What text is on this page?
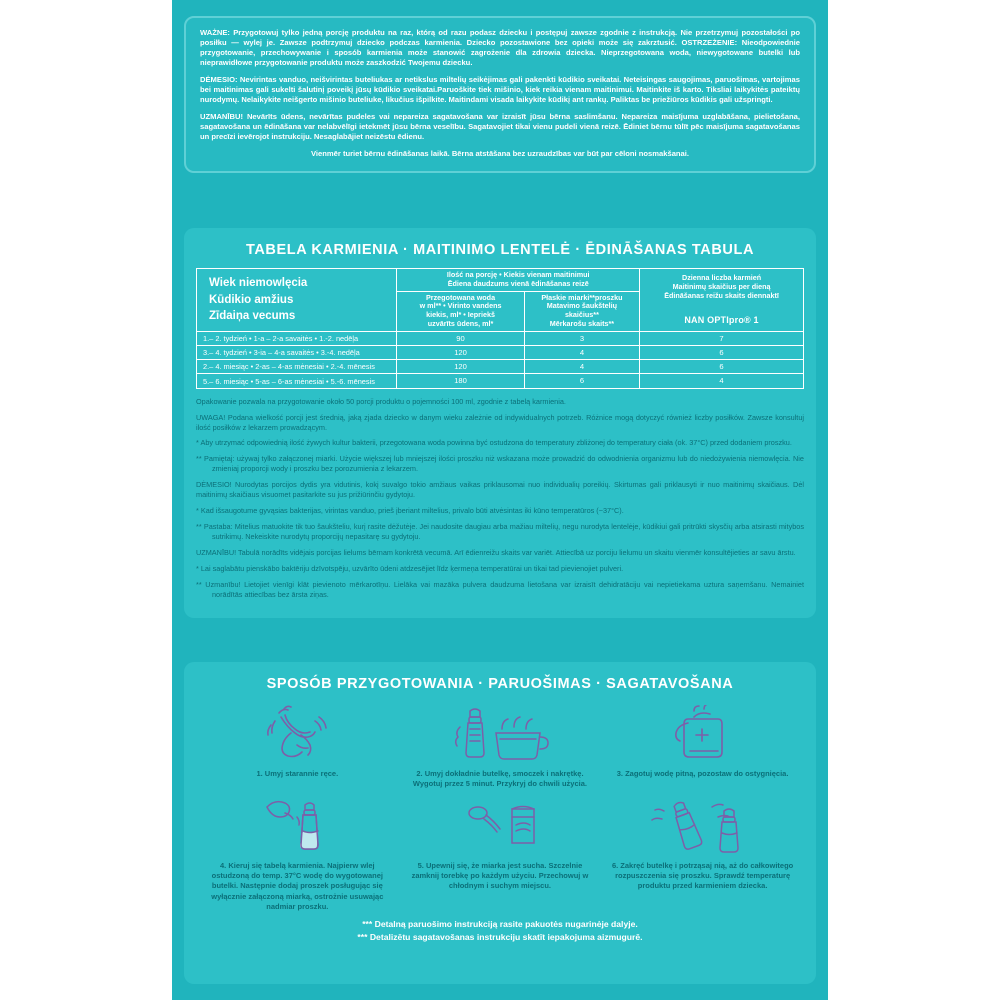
WAŻNE: Przygotowuj tylko jedną porcję produktu na raz, którą od razu podasz dziecku i postępuj zawsze zgodnie z instrukcją. Nie przetrzymuj pozostałości po posiłku — wylej je. Zawsze podtrzymuj dziecko podczas karmienia. Dziecko pozostawione bez opieki może się zakrztusić. OSTRZEŻENIE: Nieodpowiednie przygotowanie, przechowywanie i sposób karmienia może stanowić zagrożenie dla zdrowia dziecka. Nieprzegotowana woda, niewygotowane butelki lub nieprawidłowe przygotowanie produktu może zaszkodzić Twojemu dziecku.

DĖMESIO: Nevirintas vanduo, neišvirintas buteliukas ar netikslus miltelių seikėjimas gali pakenkti kūdikio sveikatai. Neteisingas saugojimas, paruošimas, vartojimas bei maitinimas gali sukelti šalutinį poveikį jūsų kūdikio sveikatai.Paruoškite tiek mišinio, kiek reikia vienam maitinimui. Maitinkite iš karto. Tiksliai laikykitės pateiktų nurodymų. Nelaikykite neišgerto mišinio buteliuke, likučius išpilkite. Maitindami visada laikykite kūdikį ant rankų. Paliktas be priežiūros kūdikis gali užspringti.

UZMANĪBU! Nevārīts ūdens, nevārītas pudeles vai nepareiza sagatavošana var izraisīt jūsu bērna saslimšanu. Nepareiza maisījuma uzglabāšana, pielietošana, sagatavošana un ēdināšana var nelabvēlīgi ietekmēt jūsu bērna veselību. Sagatavojiet tikai vienu pudeli vienā reizē. Ēdiniet bērnu tūlīt pēc maisījuma sagatavošanas un precīzi ievērojot instrukciju. Nesaglabājiet neizēstu ēdienu.

Vienmēr turiet bērnu ēdināšanas laikā. Bērna atstāšana bez uzraudzības var būt par cēloni nosmakšanai.

TABELA KARMIENIA · MAITINIMO LENTELĖ · ĒDINĀŠANAS TABULA
Wiek niemowlęcia
Kūdikio amžius
Zīdaiņa vecums

Ilość na porcję • Kiekis vienam maitinimui
Ēdiena daudzums vienā ēdināšanas reizē

Dzienna liczba karmień
Maitinimų skaičius per dieną
Ēdināšanas reižu skaits diennaktī
NAN OPTIpro® 1

Przegotowana woda
w ml** • Virinto vandens
kiekis, ml* • Iepriekš
uzvārīts ūdens, ml*

Płaskie miarki**proszku
Matavimo šaukštelių
skaičius**
Mērkarošu skaits**

1.– 2. tydzień • 1-a – 2-a savaitės • 1.-2. nedēļa	90	3	7
3.– 4. tydzień • 3-ia – 4-a savaitės • 3.-4. nedēļa	120	4	6
2.– 4. miesiąc • 2-as – 4-as mėnesiai • 2.-4. mēnesis	120	4	6
5.– 6. miesiąc • 5-as – 6-as mėnesiai • 5.-6. mēnesis	180	6	4

Opakowanie pozwala na przygotowanie około 50 porcji produktu o pojemności 100 ml, zgodnie z tabelą karmienia.

UWAGA! Podana wielkość porcji jest średnią, jaką zjada dziecko w danym wieku zależnie od indywidualnych potrzeb. Różnice mogą dotyczyć również liczby posiłków. Zawsze konsultuj ilość posiłków z lekarzem prowadzącym.

* Aby utrzymać odpowiednią ilość żywych kultur bakterii, przegotowana woda powinna być ostudzona do temperatury zbliżonej do temperatury ciała (ok. 37°C) przed dodaniem proszku.

** Pamiętaj: używaj tylko załączonej miarki. Użycie większej lub mniejszej ilości proszku niż wskazana może prowadzić do odwodnienia organizmu lub do niedożywienia niemowlęcia. Nie zmieniaj proporcji wody i proszku bez porozumienia z lekarzem.

DĖMESIO! Nurodytas porcijos dydis yra vidutinis, kokį suvalgo tokio amžiaus vaikas priklausomai nuo individualių poreikių. Skirtumas gali priklausyti ir nuo maitinimų skaičiaus. Dėl maitinimų skaičiaus visuomet pasitarkite su jus prižiūrinčiu gydytoju.

* Kad išsaugotume gyvąsias bakterijas, virintas vanduo, prieš įberiant miltelius, privalo būti atvėsintas iki kūno temperatūros (~37°C).

** Pastaba: Mitelius matuokite tik tuo šaukšteliu, kurį rasite dėžutėje. Jei naudosite daugiau arba mažiau miltelių, negu nurodyta lentelėje, kūdikiui gali pritrūkti skysčių arba atsirasti mitybos sutrikimų. Nekeiskite nurodytų proporcijų nepasitarę su gydytoju.

UZMANĪBU! Tabulā norādīts vidējais porcijas lielums bērnam konkrētā vecumā. Arī ēdienreižu skaits var variēt. Attiecībā uz porciju lielumu un skaitu vienmēr konsultējieties ar savu ārstu.

* Lai saglabātu pienskābo baktēriju dzīvotspēju, uzvārīto ūdeni atdzesējiet līdz ķermeņa temperatūrai un tikai tad pievienojiet pulveri.

** Uzmanību! Lietojiet vienīgi klāt pievienoto mērkarotīņu. Lielāka vai mazāka pulvera daudzuma lietošana var izraisīt dehidratāciju vai nepietiekama uztura saņemšanu. Nemainiet norādītās attiecības bez ārsta ziņas.

SPOSÓB PRZYGOTOWANIA · PARUOŠIMAS · SAGATAVOŠANA
1. Umyj starannie ręce.	2. Umyj dokładnie butelkę, smoczek i nakrętkę. Wygotuj przez 5 minut. Przykryj do chwili użycia.
3. Zagotuj wodę pitną, pozostaw do ostygnięcia.
4. Kieruj się tabelą karmienia. Najpierw wlej ostudzoną do temp. 37°C wodę do wygotowanej butelki. Następnie dodaj proszek posługując się wyłącznie załączoną miarką, ostrożnie usuwając nadmiar proszku.
5. Upewnij się, że miarka jest sucha. Szczelnie zamknij torebkę po każdym użyciu. Przechowuj w chłodnym i suchym miejscu.
6. Zakręć butelkę i potrząsaj nią, aż do całkowitego rozpuszczenia się proszku. Sprawdź temperaturę produktu przed karmieniem dziecka.
*** Detalną paruošimo instrukciją rasite pakuotės nugarinėje dalyje.
*** Detalizētu sagatavošanas instrukciju skatīt iepakojuma aizmugurē.
